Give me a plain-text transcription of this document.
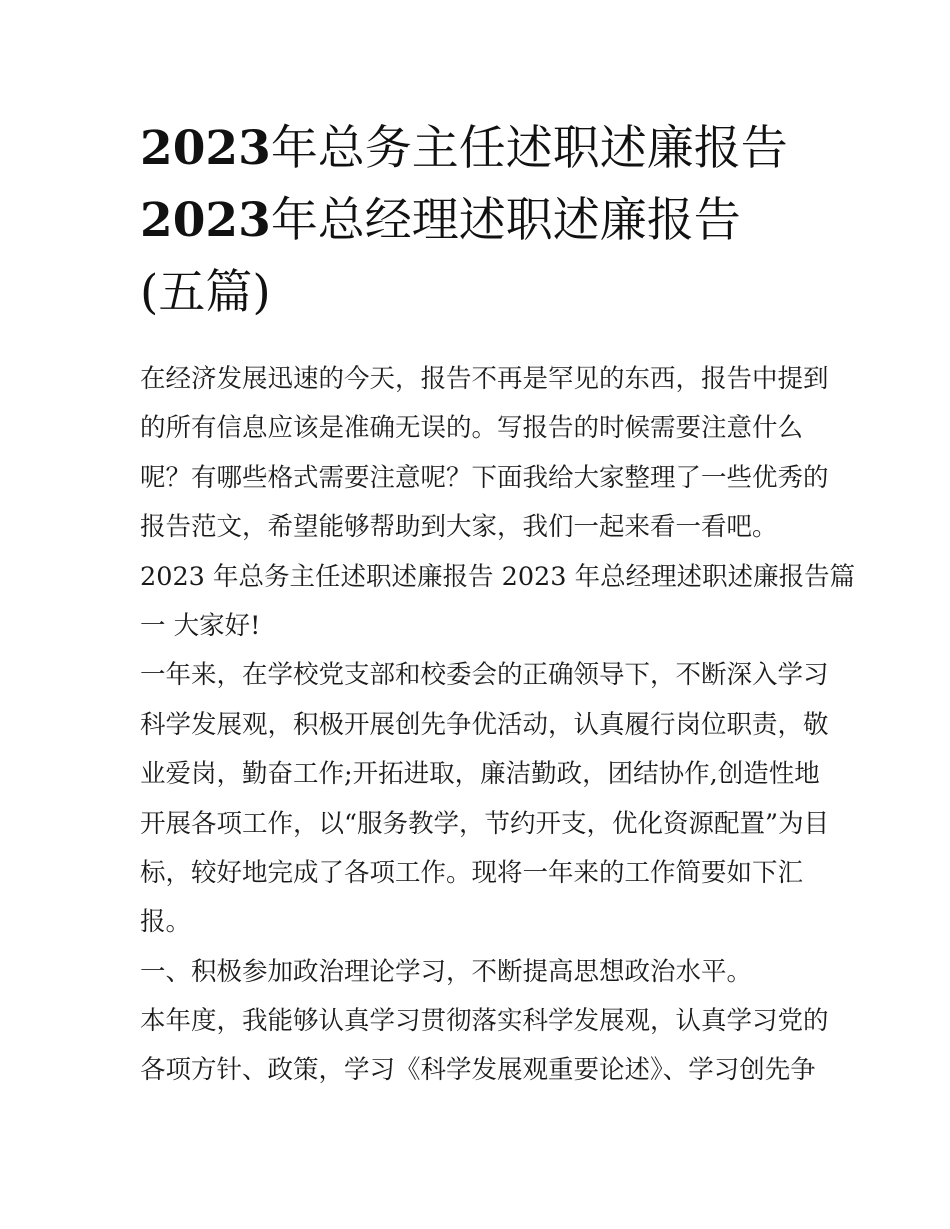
2023年总务主任述职述廉报告
2023年总经理述职述廉报告
(五篇)
在经济发展迅速的今天，报告不再是罕见的东西，报告中提到
的所有信息应该是准确无误的。写报告的时候需要注意什么
呢？有哪些格式需要注意呢？下面我给大家整理了一些优秀的
报告范文，希望能够帮助到大家，我们一起来看一看吧。
2023 年总务主任述职述廉报告 2023 年总经理述职述廉报告篇
一 大家好!
一年来，在学校党支部和校委会的正确领导下，不断深入学习
科学发展观，积极开展创先争优活动，认真履行岗位职责，敬
业爱岗，勤奋工作;开拓进取，廉洁勤政，团结协作,创造性地
开展各项工作，以“服务教学，节约开支，优化资源配置”为目
标，较好地完成了各项工作。现将一年来的工作简要如下汇
报。
一、积极参加政治理论学习，不断提高思想政治水平。
本年度，我能够认真学习贯彻落实科学发展观，认真学习党的
各项方针、政策，学习《科学发展观重要论述》、学习创先争
